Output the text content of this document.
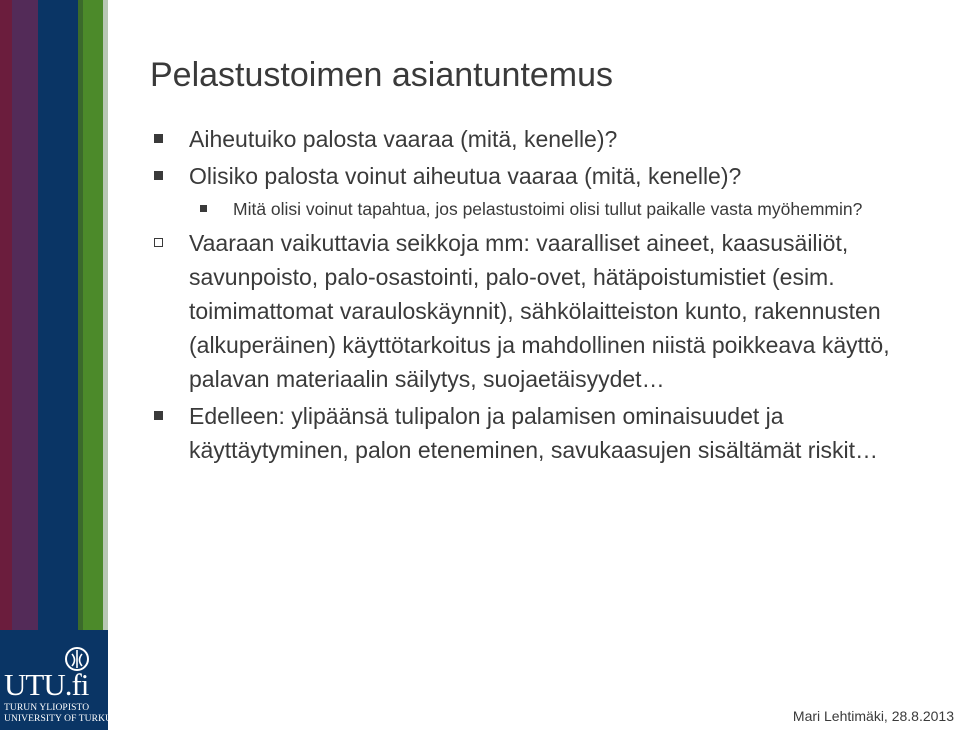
UTU.fi
TURUN YLIOPISTO
UNIVERSITY OF TURKU
Pelastustoimen asiantuntemus
Aiheutuiko palosta vaaraa (mitä, kenelle)?
Olisiko palosta voinut aiheutua vaaraa (mitä, kenelle)?
Mitä olisi voinut tapahtua, jos pelastustoimi olisi tullut paikalle vasta myöhemmin?
Vaaraan vaikuttavia seikkoja mm: vaaralliset aineet, kaasusäiliöt, savunpoisto, palo-osastointi, palo-ovet, hätäpoistumistiet (esim. toimimattomat varauloskäynnit), sähkölaitteiston kunto, rakennusten (alkuperäinen) käyttötarkoitus ja mahdollinen niistä poikkeava käyttö, palavan materiaalin säilytys, suojaetäisyydet…
Edelleen: ylipäänsä tulipalon ja palamisen ominaisuudet ja käyttäytyminen, palon eteneminen, savukaasujen sisältämät riskit…
Mari Lehtimäki, 28.8.2013
